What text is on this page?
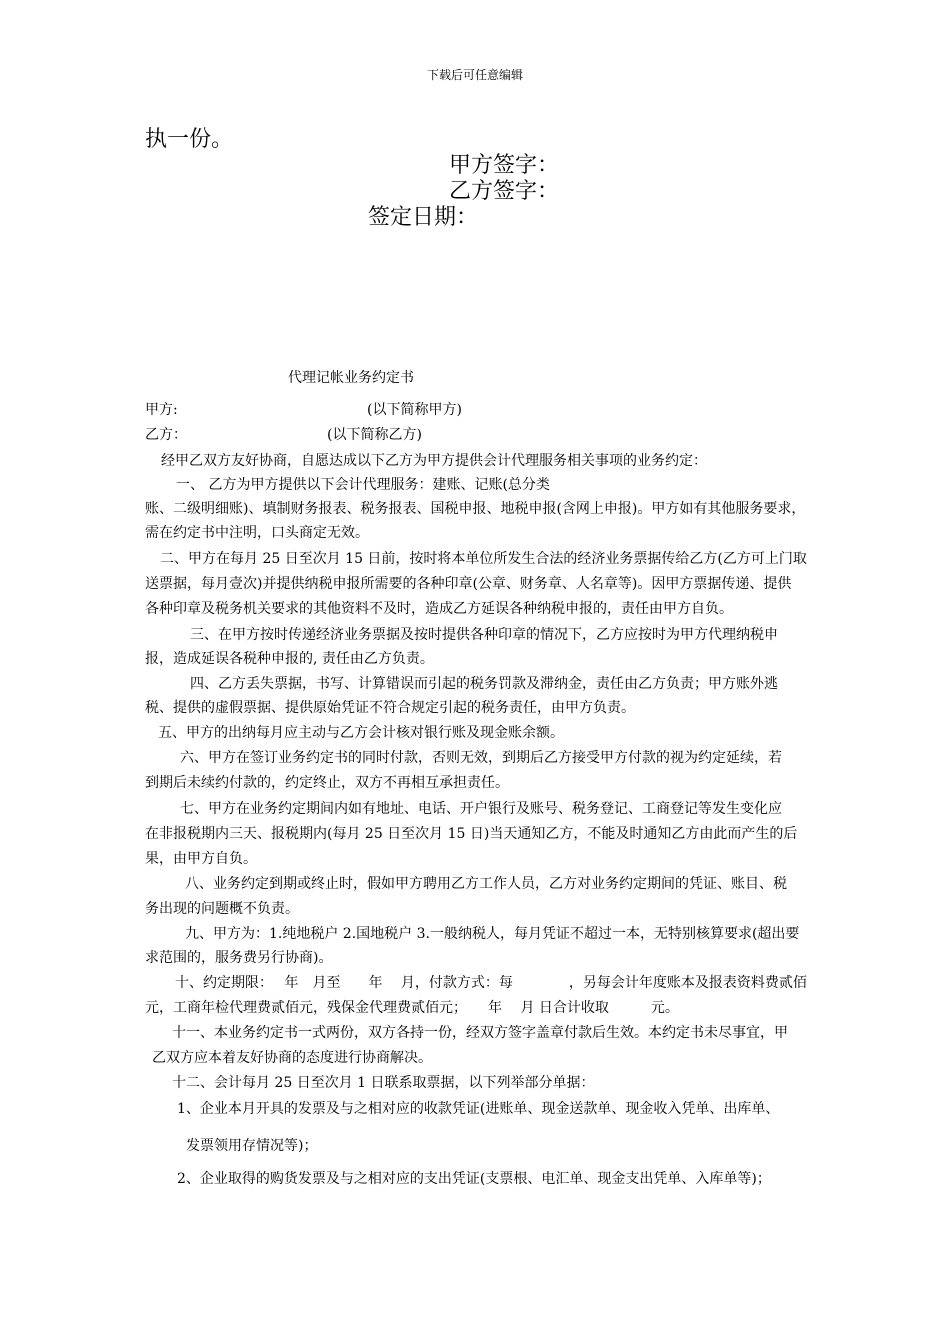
下载后可任意编辑
执一份。
甲方签字：
乙方签字：
签定日期：
代理记帐业务约定书
甲方:	(以下简称甲方)
乙方：	(以下简称乙方)
经甲乙双方友好协商，自愿达成以下乙方为甲方提供会计代理服务相关事项的业务约定：
一、 乙方为甲方提供以下会计代理服务：建账、记账(总分类
账、二级明细账)、填制财务报表、税务报表、国税申报、地税申报(含网上申报)。甲方如有其他服务要求，
需在约定书中注明，口头商定无效。
二、甲方在每月 25 日至次月 15 日前，按时将本单位所发生合法的经济业务票据传给乙方(乙方可上门取
送票据，每月壹次)并提供纳税申报所需要的各种印章(公章、财务章、人名章等)。因甲方票据传递、提供
各种印章及税务机关要求的其他资料不及时，造成乙方延误各种纳税申报的，责任由甲方自负。
三、在甲方按时传递经济业务票据及按时提供各种印章的情况下，乙方应按时为甲方代理纳税申
报，造成延误各税种申报的, 责任由乙方负责。
四、乙方丢失票据，书写、计算错误而引起的税务罚款及滞纳金，责任由乙方负责；甲方账外逃
税、提供的虚假票据、提供原始凭证不符合规定引起的税务责任，由甲方负责。
五、甲方的出纳每月应主动与乙方会计核对银行账及现金账余额。
六、甲方在签订业务约定书的同时付款，否则无效，到期后乙方接受甲方付款的视为约定延续，若
到期后未续约付款的，约定终止，双方不再相互承担责任。
七、甲方在业务约定期间内如有地址、电话、开户银行及账号、税务登记、工商登记等发生变化应
在非报税期内三天、报税期内(每月 25 日至次月 15 日)当天通知乙方，不能及时通知乙方由此而产生的后
果，由甲方自负。
八、业务约定到期或终止时，假如甲方聘用乙方工作人员，乙方对业务约定期间的凭证、账目、税
务出现的问题概不负责。
九、甲方为：1.纯地税户 2.国地税户 3.一般纳税人，每月凭证不超过一本，无特别核算要求(超出要
求范围的，服务费另行协商)。
十、约定期限：　 年　月至　　年　 月，付款方式：每　　　　，另每会计年度账本及报表资料费贰佰
元，工商年检代理费贰佰元，残保金代理费贰佰元；　　年　 月 日合计收取　　　元。
十一、本业务约定书一式两份，双方各持一份，经双方签字盖章付款后生效。本约定书未尽事宜，甲
乙双方应本着友好协商的态度进行协商解决。
十二、会计每月 25 日至次月 1 日联系取票据，以下列举部分单据：
1、企业本月开具的发票及与之相对应的收款凭证(进账单、现金送款单、现金收入凭单、出库单、
发票领用存情况等)；
2、企业取得的购货发票及与之相对应的支出凭证(支票根、电汇单、现金支出凭单、入库单等)；
